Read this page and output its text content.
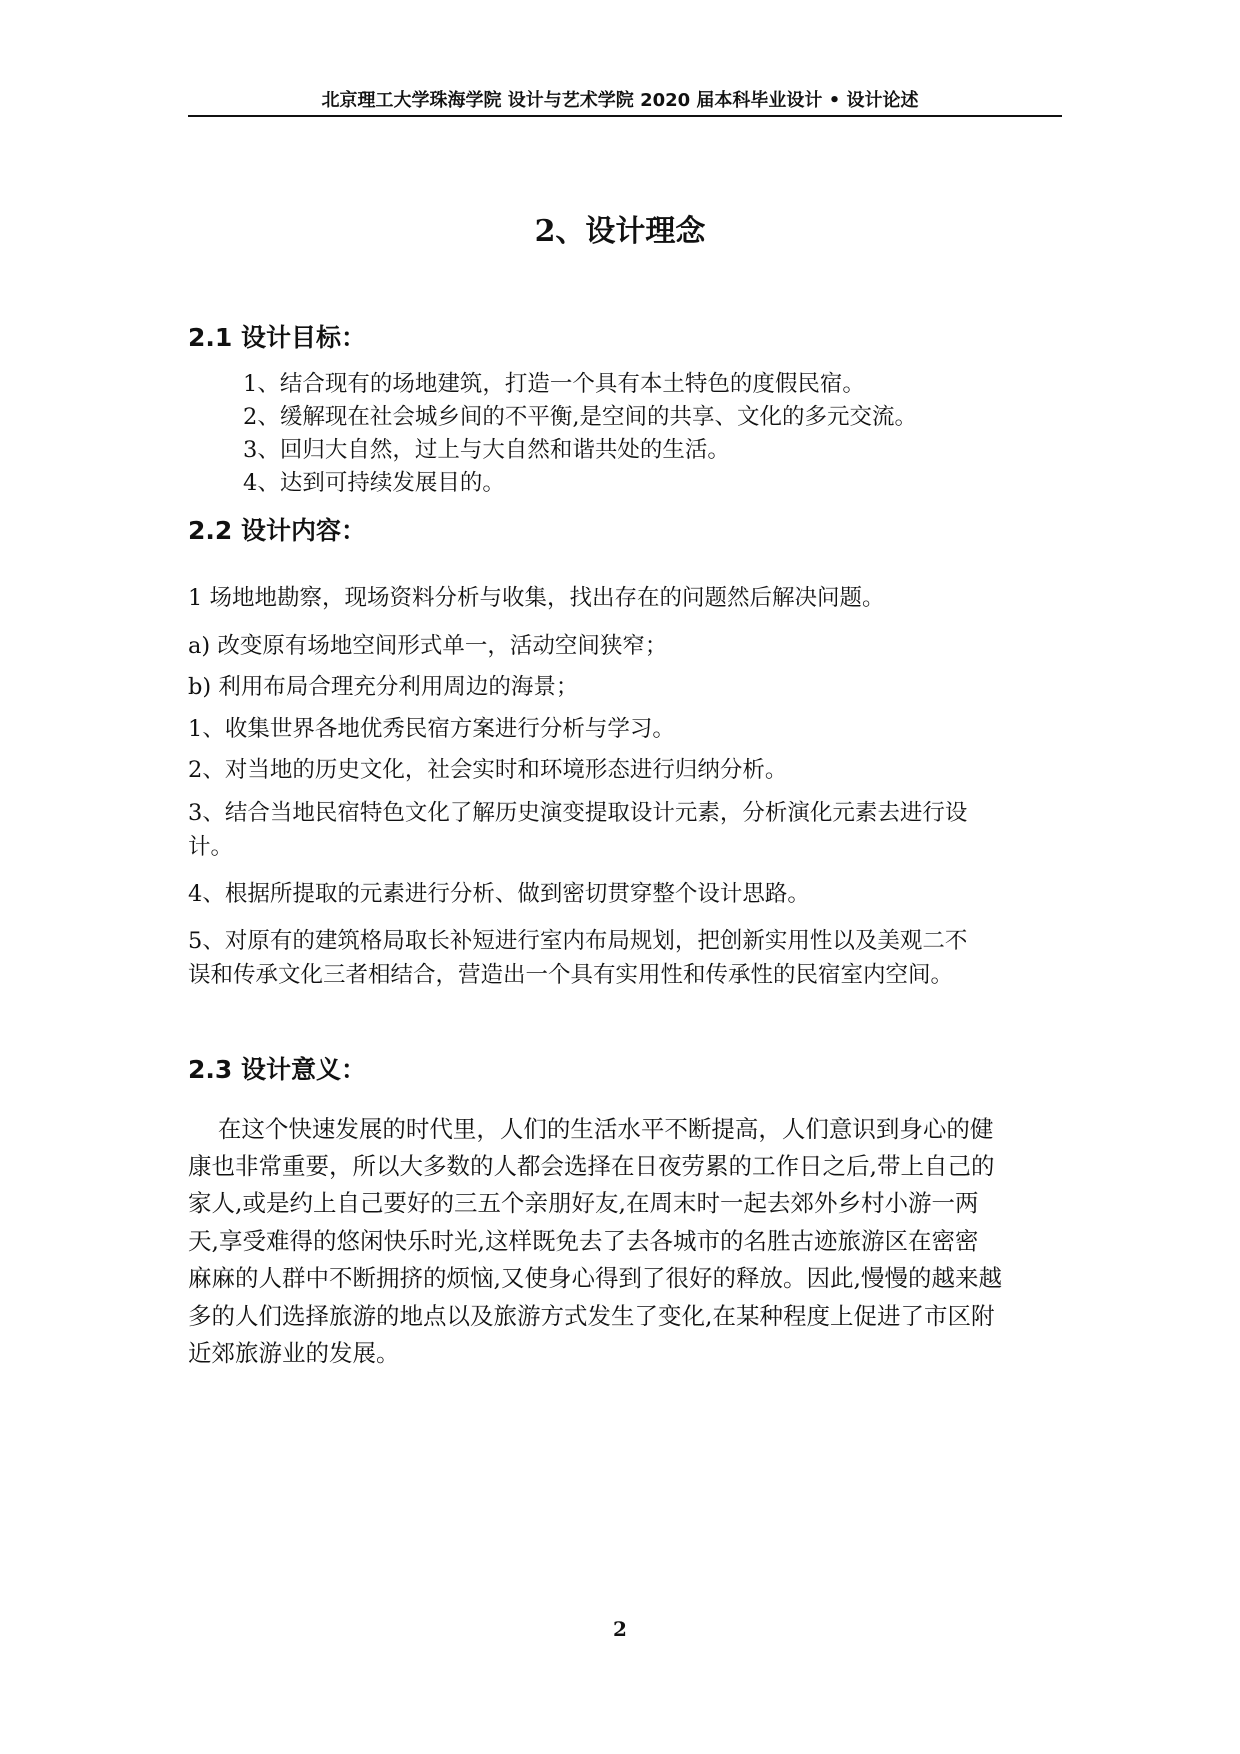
北京理工大学珠海学院 设计与艺术学院 2020 届本科毕业设计 • 设计论述
2、设计理念
2.1 设计目标：
1、结合现有的场地建筑，打造一个具有本土特色的度假民宿。
2、缓解现在社会城乡间的不平衡,是空间的共享、文化的多元交流。
3、回归大自然，过上与大自然和谐共处的生活。
4、达到可持续发展目的。
2.2 设计内容：
1 场地地勘察，现场资料分析与收集，找出存在的问题然后解决问题。
a) 改变原有场地空间形式单一，活动空间狭窄；
b) 利用布局合理充分利用周边的海景；
1、收集世界各地优秀民宿方案进行分析与学习。
2、对当地的历史文化，社会实时和环境形态进行归纳分析。
3、结合当地民宿特色文化了解历史演变提取设计元素，分析演化元素去进行设
计。
4、根据所提取的元素进行分析、做到密切贯穿整个设计思路。
5、对原有的建筑格局取长补短进行室内布局规划，把创新实用性以及美观二不
误和传承文化三者相结合，营造出一个具有实用性和传承性的民宿室内空间。
2.3 设计意义：
在这个快速发展的时代里，人们的生活水平不断提高，人们意识到身心的健
康也非常重要，所以大多数的人都会选择在日夜劳累的工作日之后,带上自己的
家人,或是约上自己要好的三五个亲朋好友,在周末时一起去郊外乡村小游一两
天,享受难得的悠闲快乐时光,这样既免去了去各城市的名胜古迹旅游区在密密
麻麻的人群中不断拥挤的烦恼,又使身心得到了很好的释放。因此,慢慢的越来越
多的人们选择旅游的地点以及旅游方式发生了变化,在某种程度上促进了市区附
近郊旅游业的发展。
2
